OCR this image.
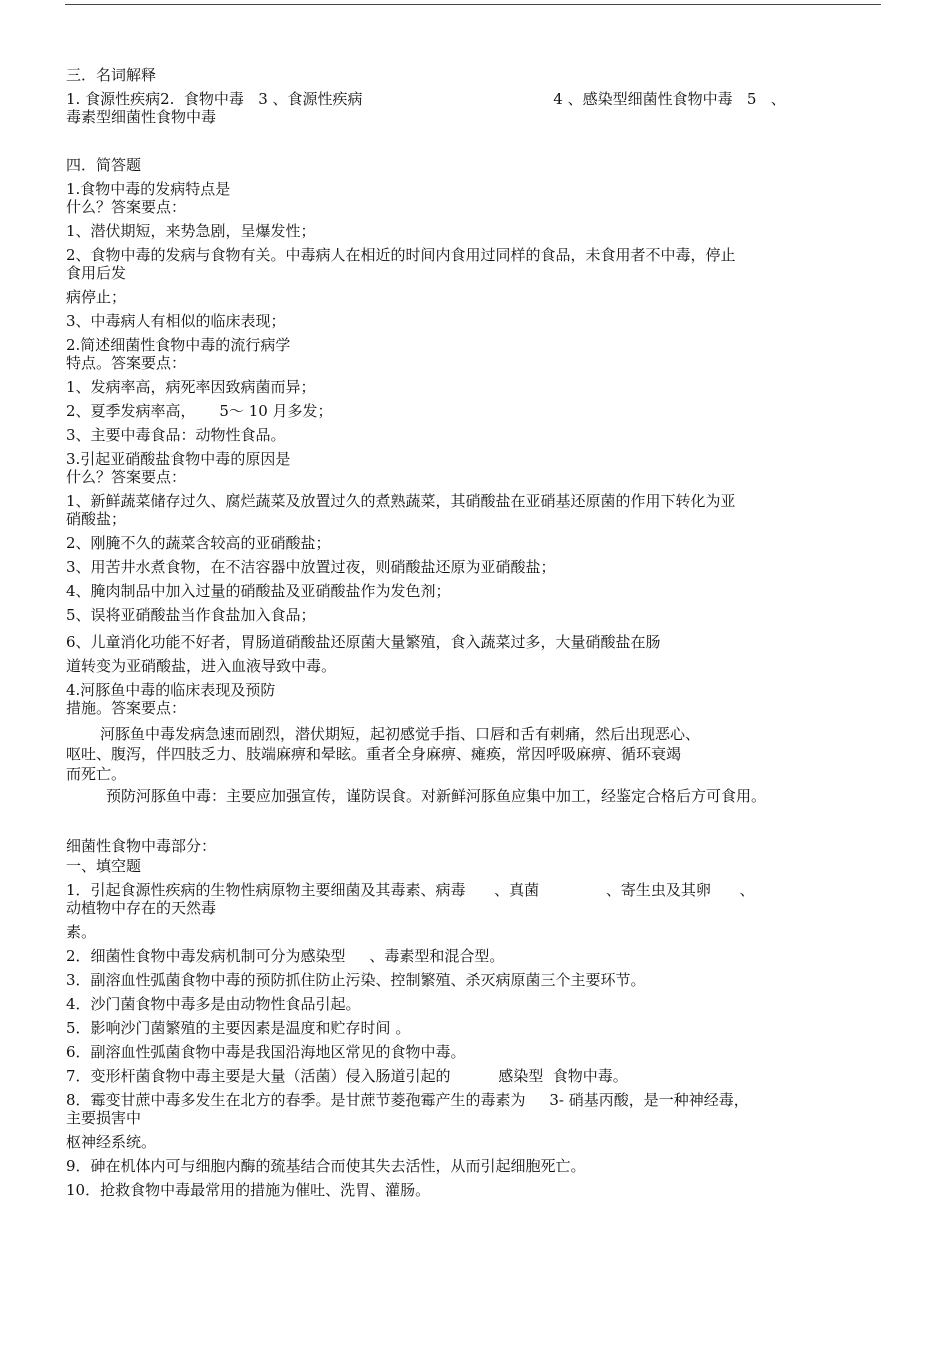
三．名词解释
1. 食源性疾病2.  食物中毒   3 、食源性疾病                                        4 、感染型细菌性食物中毒   5   、
毒素型细菌性食物中毒
四．简答题
1.食物中毒的发病特点是
什么？答案要点：
1、潜伏期短，来势急剧，呈爆发性；
2、食物中毒的发病与食物有关。中毒病人在相近的时间内食用过同样的食品，未食用者不中毒，停止
食用后发
病停止；
3、中毒病人有相似的临床表现；
2.简述细菌性食物中毒的流行病学
特点。答案要点：
1、发病率高，病死率因致病菌而异；
2、夏季发病率高，     5～ 10 月多发；
3、主要中毒食品：动物性食品。
3.引起亚硝酸盐食物中毒的原因是
什么？答案要点：
1、新鲜蔬菜储存过久、腐烂蔬菜及放置过久的煮熟蔬菜，其硝酸盐在亚硝基还原菌的作用下转化为亚
硝酸盐；
2、刚腌不久的蔬菜含较高的亚硝酸盐；
3、用苦井水煮食物，在不洁容器中放置过夜，则硝酸盐还原为亚硝酸盐；
4、腌肉制品中加入过量的硝酸盐及亚硝酸盐作为发色剂；
5、误将亚硝酸盐当作食盐加入食品；
6、儿童消化功能不好者，胃肠道硝酸盐还原菌大量繁殖，食入蔬菜过多，大量硝酸盐在肠
道转变为亚硝酸盐，进入血液导致中毒。
4.河豚鱼中毒的临床表现及预防
措施。答案要点：
河豚鱼中毒发病急速而剧烈，潜伏期短，起初感觉手指、口唇和舌有刺痛，然后出现恶心、
呕吐、腹泻，伴四肢乏力、肢端麻痹和晕眩。重者全身麻痹、瘫痪，常因呼吸麻痹、循环衰竭
而死亡。
预防河豚鱼中毒：主要应加强宣传，谨防误食。对新鲜河豚鱼应集中加工，经鉴定合格后方可食用。
细菌性食物中毒部分：
一、填空题
1．引起食源性疾病的生物性病原物主要细菌及其毒素、病毒      、真菌              、寄生虫及其卵      、
动植物中存在的天然毒
素。
2．细菌性食物中毒发病机制可分为感染型     、毒素型和混合型。
3．副溶血性弧菌食物中毒的预防抓住防止污染、控制繁殖、杀灭病原菌三个主要环节。
4．沙门菌食物中毒多是由动物性食品引起。
5．影响沙门菌繁殖的主要因素是温度和贮存时间 。
6．副溶血性弧菌食物中毒是我国沿海地区常见的食物中毒。
7．变形杆菌食物中毒主要是大量（活菌）侵入肠道引起的          感染型  食物中毒。
8．霉变甘蔗中毒多发生在北方的春季。是甘蔗节菱孢霉产生的毒素为     3- 硝基丙酸，是一种神经毒，
主要损害中
枢神经系统。
9．砷在机体内可与细胞内酶的巯基结合而使其失去活性，从而引起细胞死亡。
10．抢救食物中毒最常用的措施为催吐、洗胃、灌肠。
